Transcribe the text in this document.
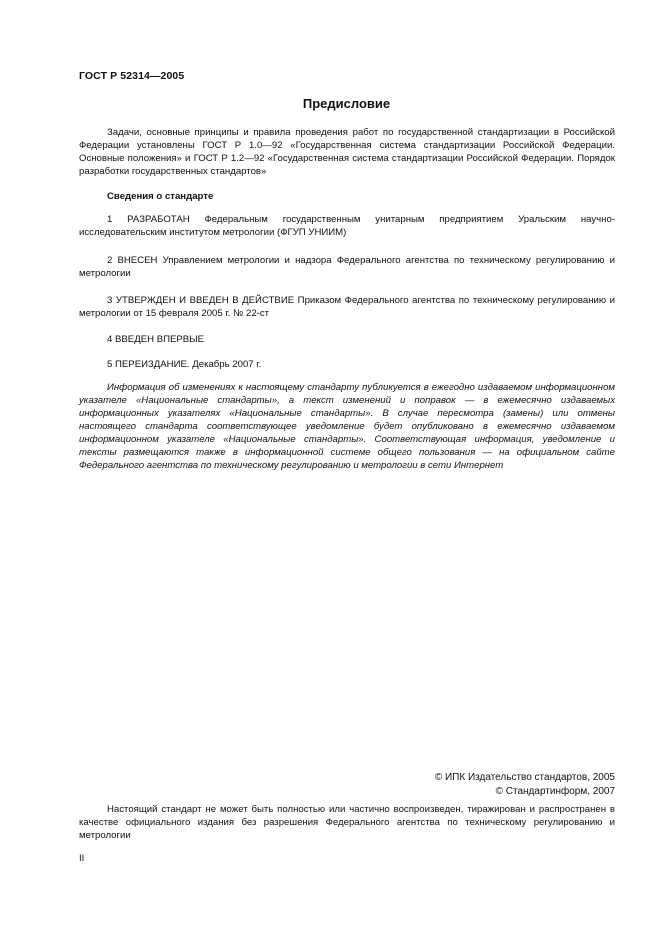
ГОСТ Р 52314—2005
Предисловие

Задачи, основные принципы и правила проведения работ по государственной стандартизации в Российской Федерации установлены ГОСТ Р 1.0—92 «Государственная система стандартизации Российской Федерации. Основные положения» и ГОСТ Р 1.2—92 «Государственная система стандартизации Российской Федерации. Порядок разработки государственных стандартов»

Сведения о стандарте

1 РАЗРАБОТАН Федеральным государственным унитарным предприятием Уральским научно-исследовательским институтом метрологии (ФГУП УНИИМ)

2 ВНЕСЕН Управлением метрологии и надзора Федерального агентства по техническому регулированию и метрологии

3 УТВЕРЖДЕН И ВВЕДЕН В ДЕЙСТВИЕ Приказом Федерального агентства по техническому регулированию и метрологии от 15 февраля 2005 г. № 22-ст

4 ВВЕДЕН ВПЕРВЫЕ

5 ПЕРЕИЗДАНИЕ. Декабрь 2007 г.

Информация об изменениях к настоящему стандарту публикуется в ежегодно издаваемом информационном указателе «Национальные стандарты», а текст изменений и поправок — в ежемесячно издаваемых информационных указателях «Национальные стандарты». В случае пересмотра (замены) или отмены настоящего стандарта соответствующее уведомление будет опубликовано в ежемесячно издаваемом информационном указателе «Национальные стандарты». Соответствующая информация, уведомление и тексты размещаются также в информационной системе общего пользования — на официальном сайте Федерального агентства по техническому регулированию и метрологии в сети Интернет

© ИПК Издательство стандартов, 2005
© Стандартинформ, 2007

Настоящий стандарт не может быть полностью или частично воспроизведен, тиражирован и распространен в качестве официального издания без разрешения Федерального агентства по техническому регулированию и метрологии

II
